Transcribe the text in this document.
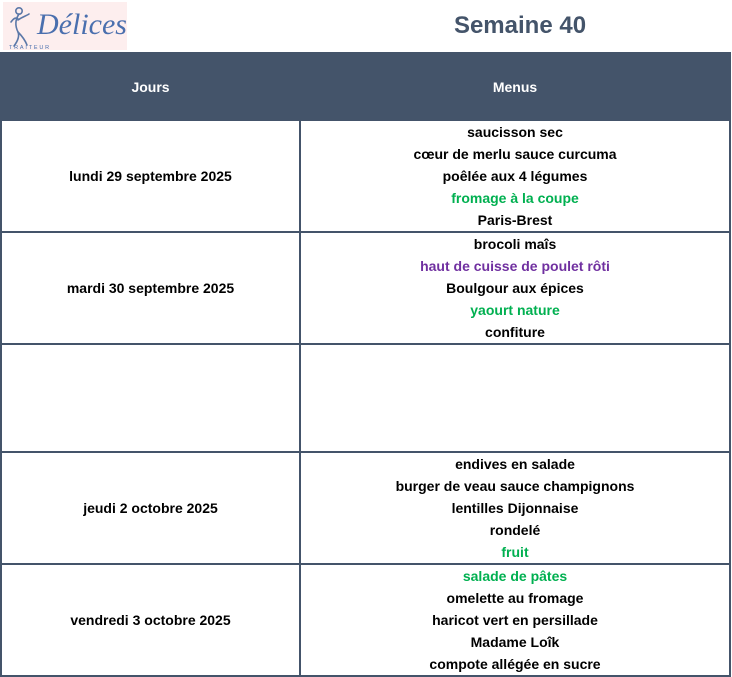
Délices
TRAITEUR
Semaine 40
Jours	Menus
lundi 29 septembre 2025	saucisson sec
cœur de merlu sauce curcuma
poêlée aux 4 légumes
fromage à la coupe
Paris-Brest

mardi 30 septembre 2025	brocoli maîs
haut de cuisse de poulet rôti
Boulgour aux épices
yaourt nature
confiture

jeudi 2 octobre 2025	endives en salade
burger de veau sauce champignons
lentilles Dijonnaise
rondelé
fruit

vendredi 3 octobre 2025	salade de pâtes
omelette au fromage
haricot vert en persillade
Madame Loîk
compote allégée en sucre
